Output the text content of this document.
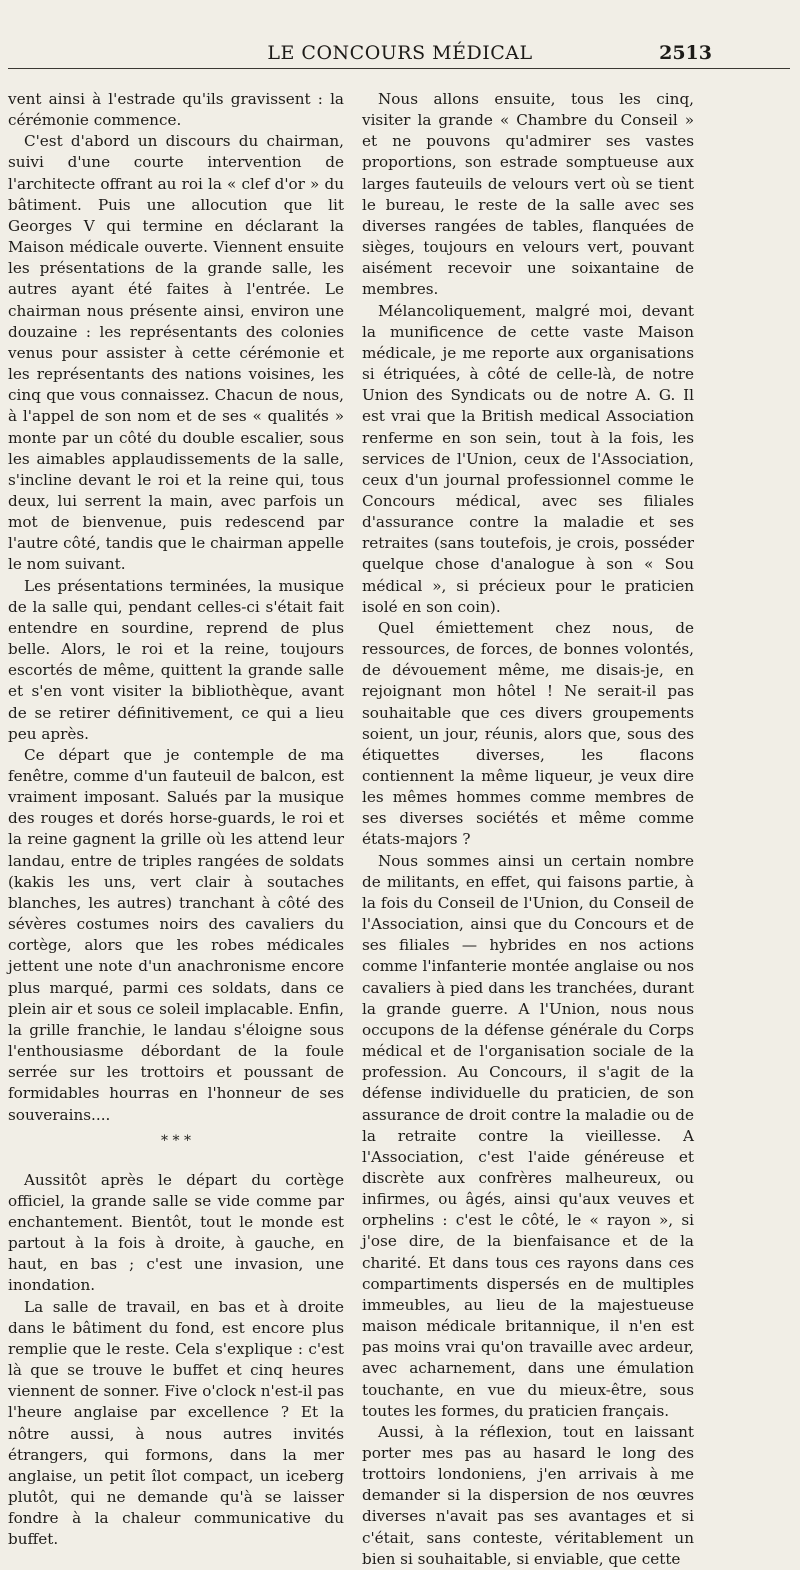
LE CONCOURS MÉDICAL	2513

vent ainsi à l'estrade qu'ils gravissent : la cérémonie commence.

C'est d'abord un discours du chairman, suivi d'une courte intervention de l'architecte offrant au roi la « clef d'or » du bâtiment. Puis une allocution que lit Georges V qui termine en déclarant la Maison médicale ouverte. Viennent ensuite les présentations de la grande salle, les autres ayant été faites à l'entrée. Le chairman nous présente ainsi, environ une douzaine : les représentants des colonies venus pour assister à cette cérémonie et les représentants des nations voisines, les cinq que vous connaissez. Chacun de nous, à l'appel de son nom et de ses « qualités » monte par un côté du double escalier, sous les aimables applaudissements de la salle, s'incline devant le roi et la reine qui, tous deux, lui serrent la main, avec parfois un mot de bienvenue, puis redescend par l'autre côté, tandis que le chairman appelle le nom suivant.

Les présentations terminées, la musique de la salle qui, pendant celles-ci s'était fait entendre en sourdine, reprend de plus belle. Alors, le roi et la reine, toujours escortés de même, quittent la grande salle et s'en vont visiter la bibliothèque, avant de se retirer définitivement, ce qui a lieu peu après.

Ce départ que je contemple de ma fenêtre, comme d'un fauteuil de balcon, est vraiment imposant. Salués par la musique des rouges et dorés horse-guards, le roi et la reine gagnent la grille où les attend leur landau, entre de triples rangées de soldats (kakis les uns, vert clair à soutaches blanches, les autres) tranchant à côté des sévères costumes noirs des cavaliers du cortège, alors que les robes médicales jettent une note d'un anachronisme encore plus marqué, parmi ces soldats, dans ce plein air et sous ce soleil implacable. Enfin, la grille franchie, le landau s'éloigne sous l'enthousiasme débordant de la foule serrée sur les trottoirs et poussant de formidables hourras en l'honneur de ses souverains....

* * *

Aussitôt après le départ du cortège officiel, la grande salle se vide comme par enchantement. Bientôt, tout le monde est partout à la fois à droite, à gauche, en haut, en bas ; c'est une invasion, une inondation.

La salle de travail, en bas et à droite dans le bâtiment du fond, est encore plus remplie que le reste. Cela s'explique : c'est là que se trouve le buffet et cinq heures viennent de sonner. Five o'clock n'est-il pas l'heure anglaise par excellence ? Et la nôtre aussi, à nous autres invités étrangers, qui formons, dans la mer anglaise, un petit îlot compact, un iceberg plutôt, qui ne demande qu'à se laisser fondre à la chaleur communicative du buffet.

Nous allons ensuite, tous les cinq, visiter la grande « Chambre du Conseil » et ne pouvons qu'admirer ses vastes proportions, son estrade somptueuse aux larges fauteuils de velours vert où se tient le bureau, le reste de la salle avec ses diverses rangées de tables, flanquées de sièges, toujours en velours vert, pouvant aisément recevoir une soixantaine de membres.

Mélancoliquement, malgré moi, devant la munificence de cette vaste Maison médicale, je me reporte aux organisations si étriquées, à côté de celle-là, de notre Union des Syndicats ou de notre A. G. Il est vrai que la British medical Association renferme en son sein, tout à la fois, les services de l'Union, ceux de l'Association, ceux d'un journal professionnel comme le Concours médical, avec ses filiales d'assurance contre la maladie et ses retraites (sans toutefois, je crois, posséder quelque chose d'analogue à son « Sou médical », si précieux pour le praticien isolé en son coin).

Quel émiettement chez nous, de ressources, de forces, de bonnes volontés, de dévouement même, me disais-je, en rejoignant mon hôtel ! Ne serait-il pas souhaitable que ces divers groupements soient, un jour, réunis, alors que, sous des étiquettes diverses, les flacons contiennent la même liqueur, je veux dire les mêmes hommes comme membres de ses diverses sociétés et même comme états-majors ?

Nous sommes ainsi un certain nombre de militants, en effet, qui faisons partie, à la fois du Conseil de l'Union, du Conseil de l'Association, ainsi que du Concours et de ses filiales — hybrides en nos actions comme l'infanterie montée anglaise ou nos cavaliers à pied dans les tranchées, durant la grande guerre. A l'Union, nous nous occupons de la défense générale du Corps médical et de l'organisation sociale de la profession. Au Concours, il s'agit de la défense individuelle du praticien, de son assurance de droit contre la maladie ou de la retraite contre la vieillesse. A l'Association, c'est l'aide généreuse et discrète aux confrères malheureux, ou infirmes, ou âgés, ainsi qu'aux veuves et orphelins : c'est le côté, le « rayon », si j'ose dire, de la bienfaisance et de la charité. Et dans tous ces rayons dans ces compartiments dispersés en de multiples immeubles, au lieu de la majestueuse maison médicale britannique, il n'en est pas moins vrai qu'on travaille avec ardeur, avec acharnement, dans une émulation touchante, en vue du mieux-être, sous toutes les formes, du praticien français.

Aussi, à la réflexion, tout en laissant porter mes pas au hasard le long des trottoirs londoniens, j'en arrivais à me demander si la dispersion de nos œuvres diverses n'avait pas ses avantages et si c'était, sans conteste, véritablement un bien si souhaitable, si enviable, que cette
